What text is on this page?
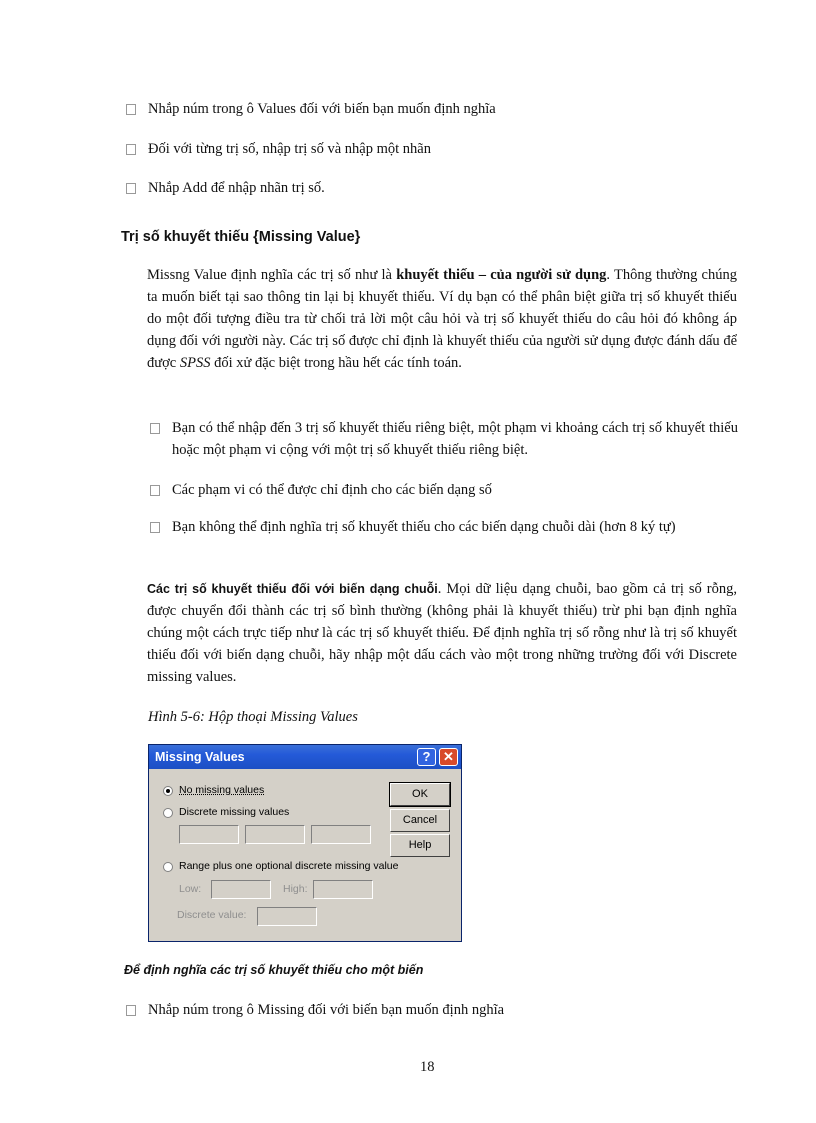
Nhắp núm trong ô Values đối với biến bạn muốn định nghĩa
Đối với từng trị số, nhập trị số và nhập một nhãn
Nhắp Add để nhập nhãn trị số.
Trị số khuyết thiếu {Missing Value}

Missng Value định nghĩa các trị số như là khuyết thiếu – của người sử dụng. Thông thường chúng ta muốn biết tại sao thông tin lại bị khuyết thiếu. Ví dụ bạn có thể phân biệt giữa trị số khuyết thiếu do một đối tượng điều tra từ chối trả lời một câu hỏi và trị số khuyết thiếu do câu hỏi đó không áp dụng đối với người này. Các trị số được chỉ định là khuyết thiếu của người sử dụng được đánh dấu để được SPSS đối xử đặc biệt trong hầu hết các tính toán.

Bạn có thể nhập đến 3 trị số khuyết thiếu riêng biệt, một phạm vi khoảng cách trị số khuyết thiếu hoặc một phạm vi cộng với một trị số khuyết thiếu riêng biệt.
Các phạm vi có thể được chỉ định cho các biến dạng số
Bạn không thể định nghĩa trị số khuyết thiếu cho các biến dạng chuỗi dài (hơn 8 ký tự)

Các trị số khuyết thiếu đối với biến dạng chuỗi. Mọi dữ liệu dạng chuỗi, bao gồm cả trị số rỗng, được chuyển đổi thành các trị số bình thường (không phải là khuyết thiếu) trừ phi bạn định nghĩa chúng một cách trực tiếp như là các trị số khuyết thiếu. Để định nghĩa trị số rỗng như là trị số khuyết thiếu đối với biến dạng chuỗi, hãy nhập một dấu cách vào một trong những trường đối với Discrete missing values.

Hình 5-6: Hộp thoại Missing Values
Missing Values	? ✕
No missing values
Discrete missing values
Range plus one optional discrete missing value
Low:	High:
Discrete value:
OK
Cancel
Help
Để định nghĩa các trị số khuyết thiếu cho một biến
Nhắp núm trong ô Missing đối với biến bạn muốn định nghĩa
18
